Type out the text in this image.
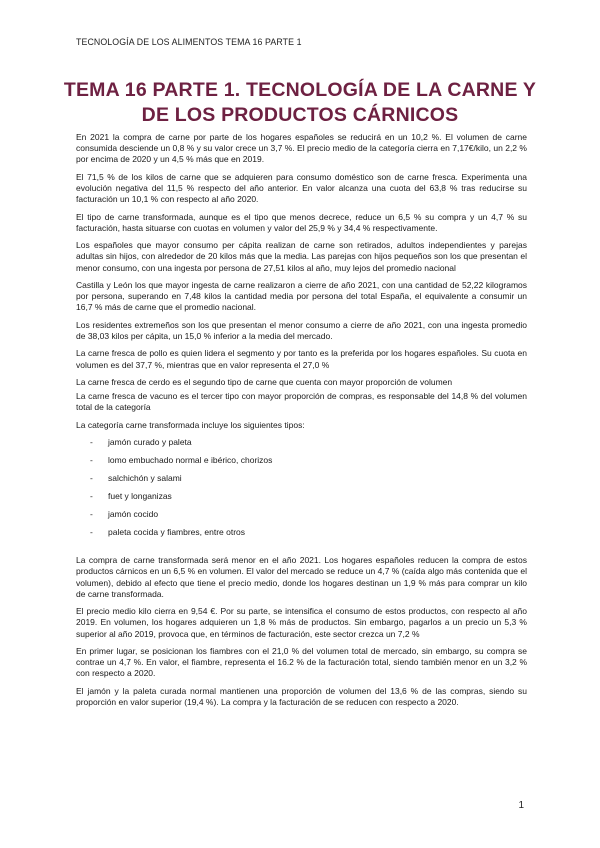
TECNOLOGÍA DE LOS ALIMENTOS TEMA 16 PARTE 1
TEMA 16 PARTE 1. TECNOLOGÍA DE LA CARNE Y DE LOS PRODUCTOS CÁRNICOS

En 2021 la compra de carne por parte de los hogares españoles se reducirá en un 10,2 %. El volumen de carne consumida desciende un 0,8 % y su valor crece un 3,7 %. El precio medio de la categoría cierra en 7,17€/kilo, un 2,2 % por encima de 2020 y un 4,5 % más que en 2019.

El 71,5 % de los kilos de carne que se adquieren para consumo doméstico son de carne fresca. Experimenta una evolución negativa del 11,5 % respecto del año anterior. En valor alcanza una cuota del 63,8 % tras reducirse su facturación un 10,1 % con respecto al año 2020.

El tipo de carne transformada, aunque es el tipo que menos decrece, reduce un 6,5 % su compra y un 4,7 % su facturación, hasta situarse con cuotas en volumen y valor del 25,9 % y 34,4 % respectivamente.

Los españoles que mayor consumo per cápita realizan de carne son retirados, adultos independientes y parejas adultas sin hijos, con alrededor de 20 kilos más que la media. Las parejas con hijos pequeños son los que presentan el menor consumo, con una ingesta por persona de 27,51 kilos al año, muy lejos del promedio nacional

Castilla y León los que mayor ingesta de carne realizaron a cierre de año 2021, con una cantidad de 52,22 kilogramos por persona, superando en 7,48 kilos la cantidad media por persona del total España, el equivalente a consumir un 16,7 % más de carne que el promedio nacional.

Los residentes extremeños son los que presentan el menor consumo a cierre de año 2021, con una ingesta promedio de 38,03 kilos per cápita, un 15,0 % inferior a la media del mercado.

La carne fresca de pollo es quien lidera el segmento y por tanto es la preferida por los hogares españoles. Su cuota en volumen es del 37,7 %, mientras que en valor representa el 27,0 %

La carne fresca de cerdo es el segundo tipo de carne que cuenta con mayor proporción de volumen

La carne fresca de vacuno es el tercer tipo con mayor proporción de compras, es responsable del 14,8 % del volumen total de la categoría

La categoría carne transformada incluye los siguientes tipos:

- jamón curado y paleta
- lomo embuchado normal e ibérico, chorizos
- salchichón y salami
- fuet y longanizas
- jamón cocido
- paleta cocida y fiambres, entre otros

La compra de carne transformada será menor en el año 2021. Los hogares españoles reducen la compra de estos productos cárnicos en un 6,5 % en volumen. El valor del mercado se reduce un 4,7 % (caída algo más contenida que el volumen), debido al efecto que tiene el precio medio, donde los hogares destinan un 1,9 % más para comprar un kilo de carne transformada.

El precio medio kilo cierra en 9,54 €. Por su parte, se intensifica el consumo de estos productos, con respecto al año 2019. En volumen, los hogares adquieren un 1,8 % más de productos. Sin embargo, pagarlos a un precio un 5,3 % superior al año 2019, provoca que, en términos de facturación, este sector crezca un 7,2 %

En primer lugar, se posicionan los fiambres con el 21,0 % del volumen total de mercado, sin embargo, su compra se contrae un 4,7 %. En valor, el fiambre, representa el 16.2 % de la facturación total, siendo también menor en un 3,2 % con respecto a 2020.

El jamón y la paleta curada normal mantienen una proporción de volumen del 13,6 % de las compras, siendo su proporción en valor superior (19,4 %). La compra y la facturación de se reducen con respecto a 2020.

1
